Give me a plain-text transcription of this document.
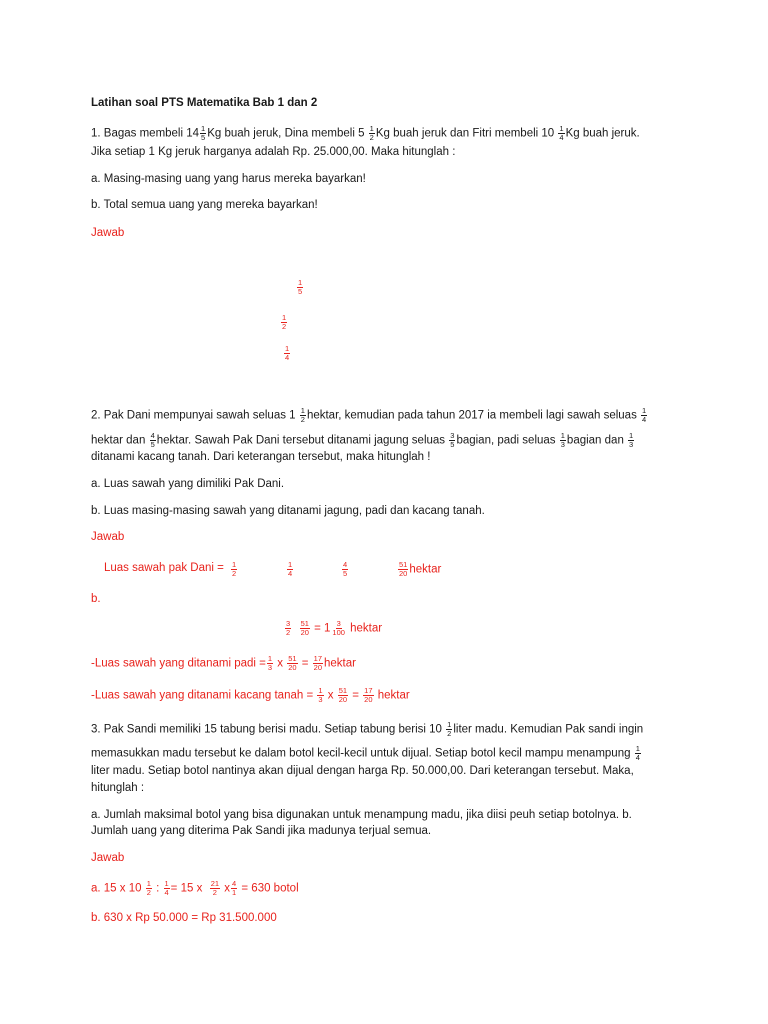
Latihan soal PTS Matematika Bab 1 dan 2
1. Bagas membeli $14 \frac{1}{5}$ Kg buah jeruk, Dina membeli $5 \frac{1}{2}$ Kg buah jeruk dan Fitri membeli $10 \frac{1}{4}$ Kg buah jeruk.
Jika setiap 1 Kg jeruk harganya adalah Rp. 25.000,00. Maka hitunglah :
a. Masing-masing uang yang harus mereka bayarkan!
b. Total semua uang yang mereka bayarkan!
Jawab
$\frac{1}{5}$
$\frac{1}{2}$
$\frac{1}{4}$
2. Pak Dani mempunyai sawah seluas $1 \frac{1}{2}$ hektar, kemudian pada tahun 2017 ia membeli lagi sawah seluas $\frac{1}{4}$
hektar dan $\frac{4}{5}$ hektar. Sawah Pak Dani tersebut ditanami jagung seluas $\frac{3}{5}$ bagian, padi seluas $\frac{1}{3}$ bagian dan $\frac{1}{3}$
ditanami kacang tanah. Dari keterangan tersebut, maka hitunglah !
a. Luas sawah yang dimiliki Pak Dani.
b. Luas masing-masing sawah yang ditanami jagung, padi dan kacang tanah.
Jawab
Luas sawah pak Dani = $\frac{1}{2}$	$\frac{1}{4}$	$\frac{4}{5}$	$\frac{51}{20}$ hektar
b.
$\frac{3}{2}$
$\frac{51}{20} = 1 \frac{3}{100}$ hektar
-Luas sawah yang ditanami padi = $\frac{1}{3}$ x $\frac{51}{20} = \frac{17}{20}$ hektar
-Luas sawah yang ditanami kacang tanah = $\frac{1}{3}$ x $\frac{51}{20} = \frac{17}{20}$ hektar
3. Pak Sandi memiliki 15 tabung berisi madu. Setiap tabung berisi $10 \frac{1}{2}$ liter madu. Kemudian Pak sandi ingin
memasukkan madu tersebut ke dalam botol kecil-kecil untuk dijual. Setiap botol kecil mampu menampung $\frac{1}{4}$
liter madu. Setiap botol nantinya akan dijual dengan harga Rp. 50.000,00. Dari keterangan tersebut. Maka,
hitunglah :
a. Jumlah maksimal botol yang bisa digunakan untuk menampung madu, jika diisi peuh setiap botolnya. b.
Jumlah uang yang diterima Pak Sandi jika madunya terjual semua.
Jawab
a. 15 x $10 \frac{1}{2}$ : $\frac{1}{4} = 15$ x $\frac{21}{2}$ x $\frac{4}{1} = 630$ botol
b. 630 x Rp 50.000 = Rp 31.500.000
